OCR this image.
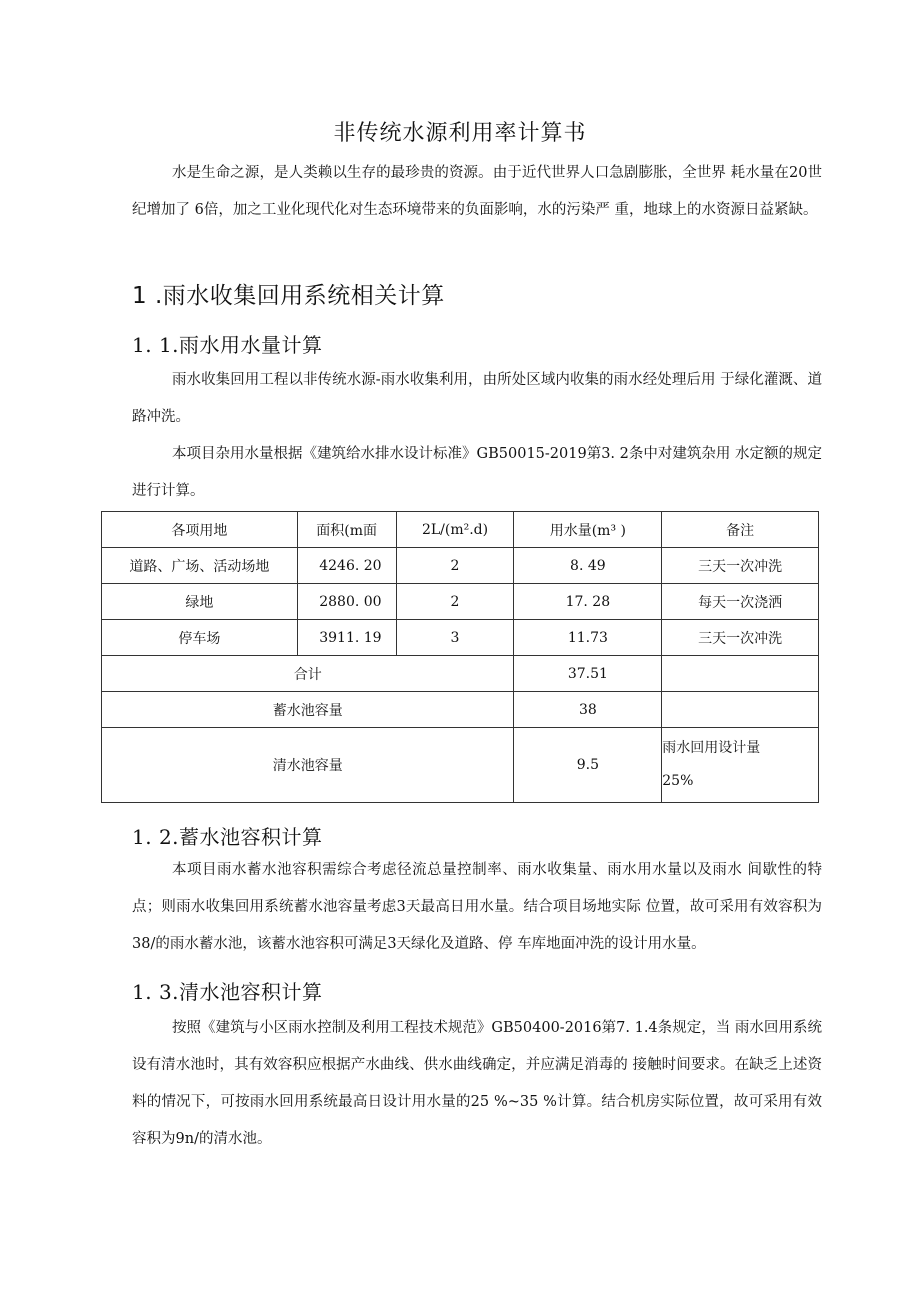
非传统水源利用率计算书

水是生命之源，是人类赖以生存的最珍贵的资源。由于近代世界人口急剧膨胀，全世界 耗水量在20世纪增加了 6倍，加之工业化现代化对生态环境带来的负面影响，水的污染严 重，地球上的水资源日益紧缺。

1 .雨水收集回用系统相关计算
1. 1.雨水用水量计算

雨水收集回用工程以非传统水源-雨水收集利用，由所处区域内收集的雨水经处理后用 于绿化灌溉、道路冲洗。

本项目杂用水量根据《建筑给水排水设计标准》GB50015-2019第3. 2条中对建筑杂用 水定额的规定进行计算。

各项用地	面积(m面	2L/(m².d)	用水量(m³ )	备注
道路、广场、活动场地	4246. 20	2	8. 49	三天一次冲洗
绿地	2880. 00	2	17. 28	每天一次浇洒
停车场	3911. 19	3	11.73	三天一次冲洗
合计			37.51	
蓄水池容量			38	
清水池容量			9.5	雨水回用设计量
25%
1. 2.蓄水池容积计算

本项目雨水蓄水池容积需综合考虑径流总量控制率、雨水收集量、雨水用水量以及雨水 间歇性的特点；则雨水收集回用系统蓄水池容量考虑3天最高日用水量。结合项目场地实际 位置，故可采用有效容积为38/的雨水蓄水池，该蓄水池容积可满足3天绿化及道路、停 车库地面冲洗的设计用水量。

1. 3.清水池容积计算

按照《建筑与小区雨水控制及利用工程技术规范》GB50400-2016第7. 1.4条规定，当 雨水回用系统设有清水池时，其有效容积应根据产水曲线、供水曲线确定，并应满足消毒的 接触时间要求。在缺乏上述资料的情况下，可按雨水回用系统最高日设计用水量的25 %~35 %计算。结合机房实际位置，故可采用有效容积为9n/的清水池。
